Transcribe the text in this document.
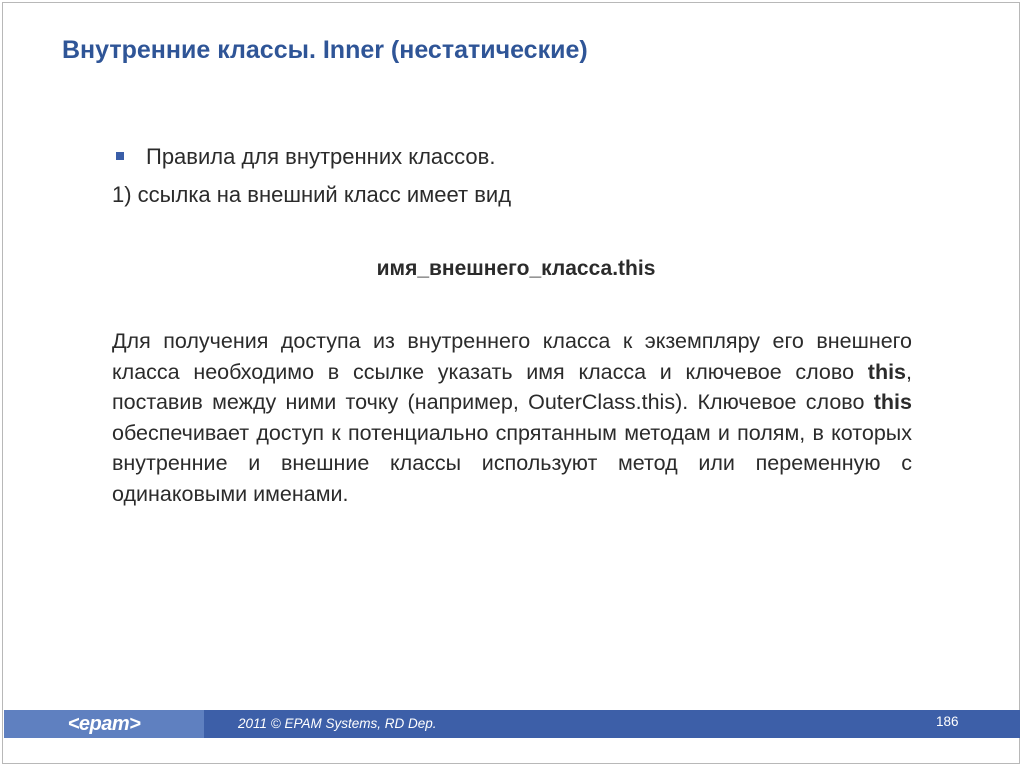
Внутренние классы. Inner (нестатические)
Правила для внутренних классов.
1) ссылка на внешний класс имеет вид
имя_внешнего_класса.this
Для получения доступа из внутреннего класса к экземпляру его внешнего класса необходимо в ссылке указать имя класса и ключевое слово this, поставив между ними точку (например, OuterClass.this). Ключевое слово this обеспечивает доступ к потенциально спрятанным методам и полям, в которых внутренние и внешние классы используют метод или переменную с одинаковыми именами.
<epam>	2011 © EPAM Systems, RD Dep.	186
